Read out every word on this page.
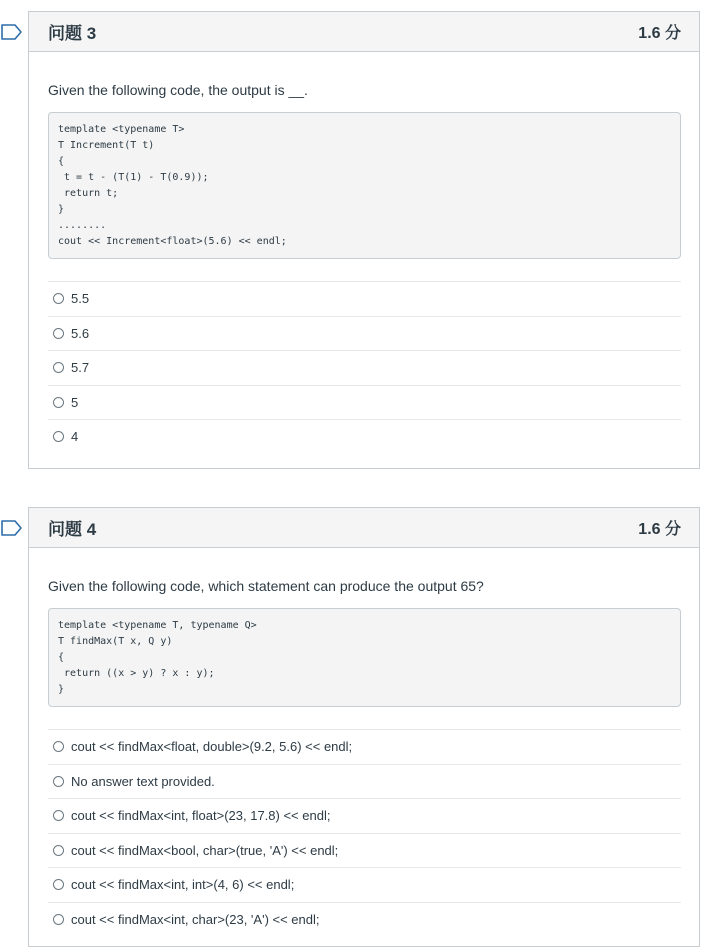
问题 3	1.6 分
Given the following code, the output is __.
template <typename T>
T Increment(T t)
{
t = t - (T(1) - T(0.9));
return t;
}
........
cout << Increment<float>(5.6) << endl;
5.5
5.6
5.7
5
4
问题 4	1.6 分
Given the following code, which statement can produce the output 65?
template <typename T, typename Q>
T findMax(T x, Q y)
{
return ((x > y) ? x : y);
}
cout << findMax<float, double>(9.2, 5.6) << endl;
No answer text provided.
cout << findMax<int, float>(23, 17.8) << endl;
cout << findMax<bool, char>(true, 'A') << endl;
cout << findMax<int, int>(4, 6) << endl;
cout << findMax<int, char>(23, 'A') << endl;
